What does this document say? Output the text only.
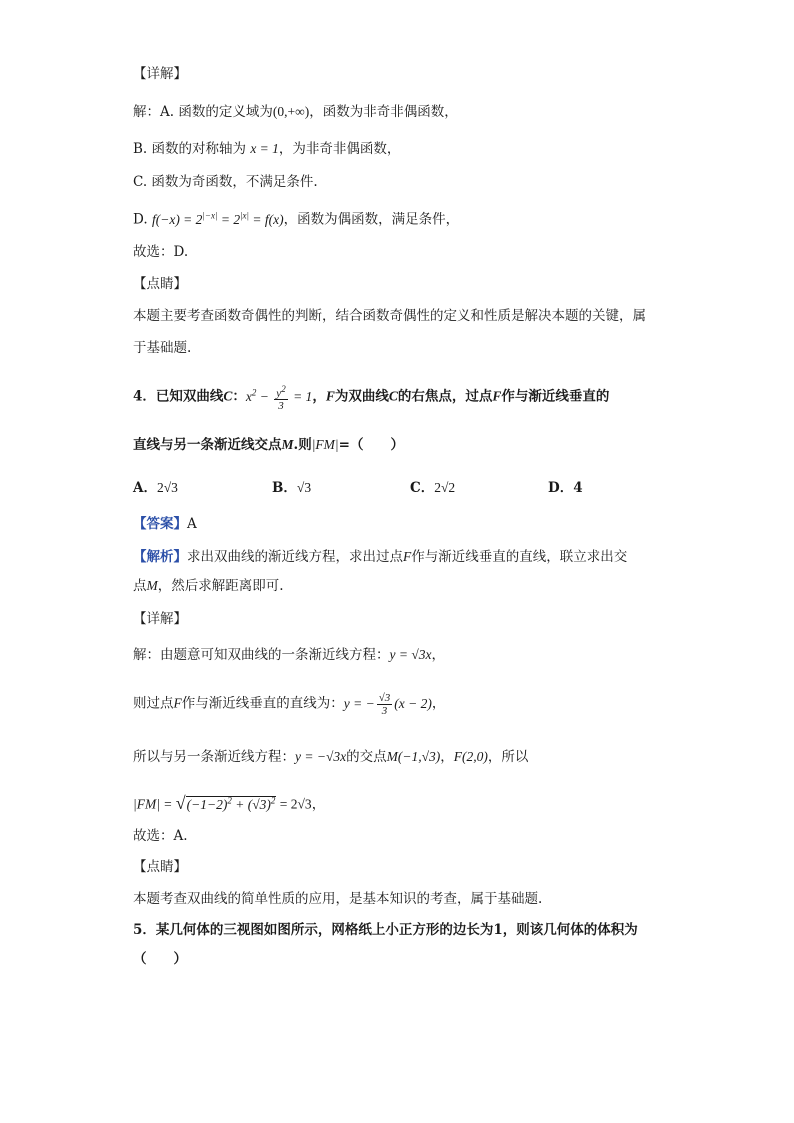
【详解】
解：A. 函数的定义域为(0,+∞)，函数为非奇非偶函数，
B. 函数的对称轴为 x = 1，为非奇非偶函数，
C. 函数为奇函数，不满足条件.
D. $f(-x) = 2^{|-x|} = 2^{|x|} = f(x)$，函数为偶函数，满足条件，
故选：D.
【点睛】
本题主要考查函数奇偶性的判断，结合函数奇偶性的定义和性质是解决本题的关键，属
于基础题.
4．已知双曲线C：$x^2 - \frac{y^2}{3} = 1$，F为双曲线C的右焦点，过点F作与渐近线垂直的
直线与另一条渐近线交点M.则|FM|=（　　）
A．2√3	B．√3	C．2√2	D．4
【答案】A
【解析】求出双曲线的渐近线方程，求出过点F作与渐近线垂直的直线，联立求出交
点M，然后求解距离即可.
【详解】
解：由题意可知双曲线的一条渐近线方程：y = √3x，
则过点F作与渐近线垂直的直线为：y = − $\frac{√3}{3} (x - 2)$，
所以与另一条渐近线方程：y = −√3x的交点M(−1,√3)，F(2,0)，所以
$|FM| = √(-1-2)^2 + (√3)^2 = 2√3$，
故选：A.
【点睛】
本题考查双曲线的简单性质的应用，是基本知识的考查，属于基础题.
5．某几何体的三视图如图所示，网格纸上小正方形的边长为1，则该几何体的体积为
（　　）
